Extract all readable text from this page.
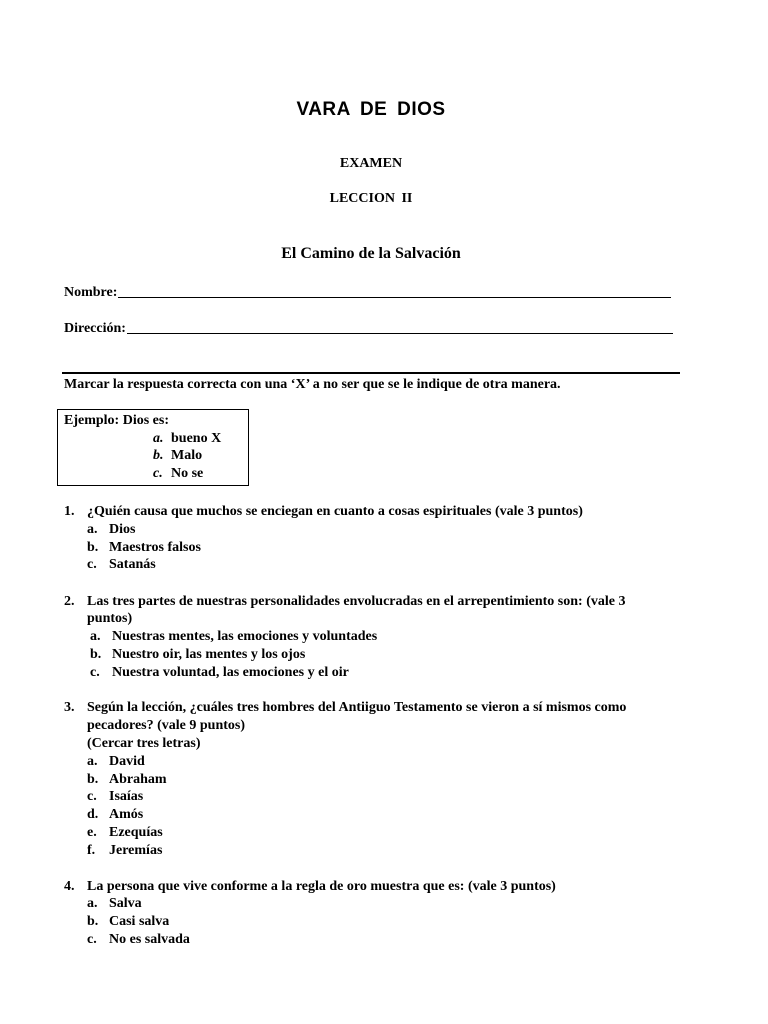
VARA DE DIOS
EXAMEN
LECCION II
El Camino de la Salvación
Nombre:
Dirección:
Marcar la respuesta correcta con una ‘X’ a no ser que se le indique de otra manera.
Ejemplo: Dios es:
a. bueno X
b. Malo
c. No se
1. ¿Quién causa que muchos se enciegan en cuanto a cosas espirituales (vale 3 puntos)
a. Dios
b. Maestros falsos
c. Satanás
2. Las tres partes de nuestras personalidades envolucradas en el arrepentimiento son: (vale 3
puntos)
a. Nuestras mentes, las emociones y voluntades
b. Nuestro oir, las mentes y los ojos
c. Nuestra voluntad, las emociones y el oir
3. Según la lección, ¿cuáles tres hombres del Antiiguo Testamento se vieron a sí mismos como
pecadores? (vale 9 puntos)
(Cercar tres letras)
a. David
b. Abraham
c. Isaías
d. Amós
e. Ezequías
f. Jeremías
4. La persona que vive conforme a la regla de oro muestra que es: (vale 3 puntos)
a. Salva
b. Casi salva
c. No es salvada
